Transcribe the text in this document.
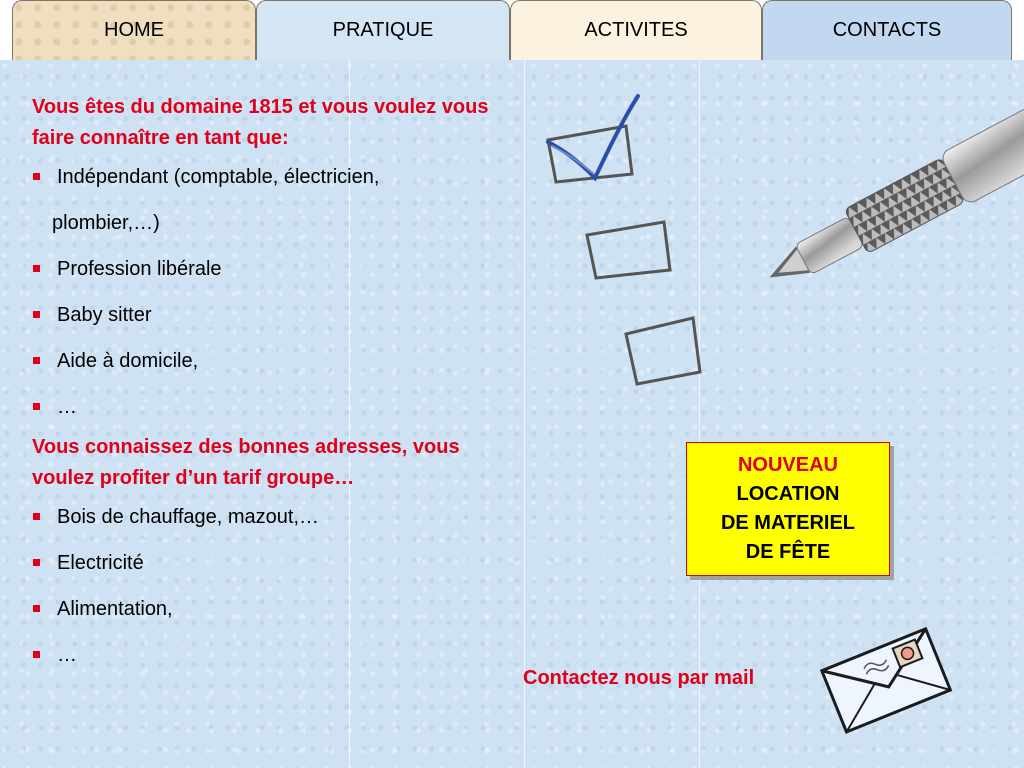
HOME	PRATIQUE	ACTIVITES	CONTACTS

Vous êtes du domaine 1815 et vous voulez vous faire connaître en tant que:

Indépendant (comptable, électricien,
plombier,…)
Profession libérale
Baby sitter
Aide à domicile,
…

Vous connaissez des bonnes adresses, vous voulez profiter d’un tarif groupe…

Bois de chauffage, mazout,…
Electricité
Alimentation,
…
NOUVEAU
LOCATION
DE MATERIEL
DE FÊTE
Contactez nous par mail
